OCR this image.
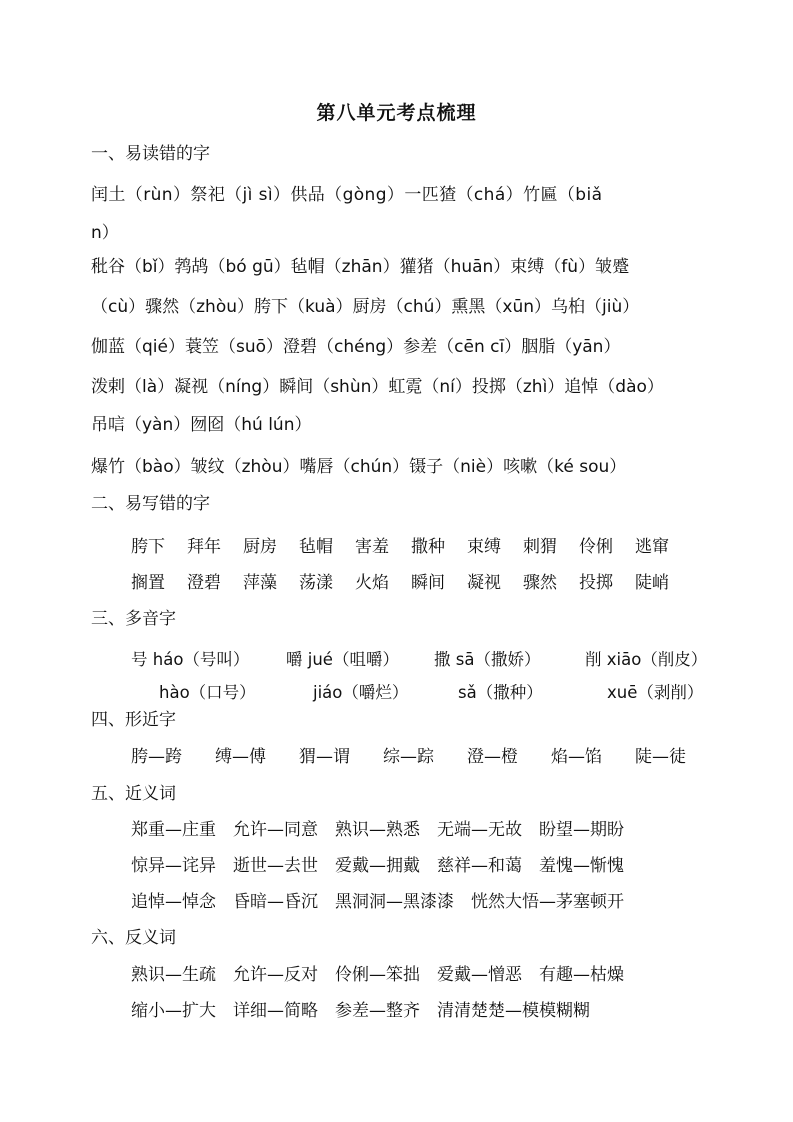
第八单元考点梳理
一、易读错的字
闰土（rùn）祭祀（jì sì）供品（gòng）一匹猹（chá）竹匾（biǎ
n）
秕谷（bǐ）鹁鸪（bó gū）毡帽（zhān）獾猪（huān）束缚（fù）皱蹙
（cù）骤然（zhòu）胯下（kuà）厨房（chú）熏黑（xūn）乌桕（jiù）
伽蓝（qié）蓑笠（suō）澄碧（chéng）参差（cēn cī）胭脂（yān）
泼剌（là）凝视（níng）瞬间（shùn）虹霓（ní）投掷（zhì）追悼（dào）
吊唁（yàn）囫囵（hú lún）
爆竹（bào）皱纹（zhòu）嘴唇（chún）镊子（niè）咳嗽（ké sou）
二、易写错的字
胯下 拜年 厨房 毡帽 害羞 撒种 束缚 刺猬 伶俐 逃窜
搁置 澄碧 萍藻 荡漾 火焰 瞬间 凝视 骤然 投掷 陡峭
三、多音字
号 háo（号叫） 嚼 jué（咀嚼） 撒 sā（撒娇）	削 xiāo（削皮）
hào（口号）	jiáo（嚼烂）	sǎ（撒种）	xuē（剥削）
四、形近字
胯—跨 缚—傅 猬—谓 综—踪 澄—橙 焰—馅 陡—徒
五、近义词
郑重—庄重　允许—同意　熟识—熟悉　无端—无故　盼望—期盼
惊异—诧异　逝世—去世　爱戴—拥戴　慈祥—和蔼　羞愧—惭愧
追悼—悼念　昏暗—昏沉　黑洞洞—黑漆漆　恍然大悟—茅塞顿开
六、反义词
熟识—生疏　允许—反对　伶俐—笨拙　爱戴—憎恶　有趣—枯燥
缩小—扩大　详细—简略　参差—整齐　清清楚楚—模模糊糊
